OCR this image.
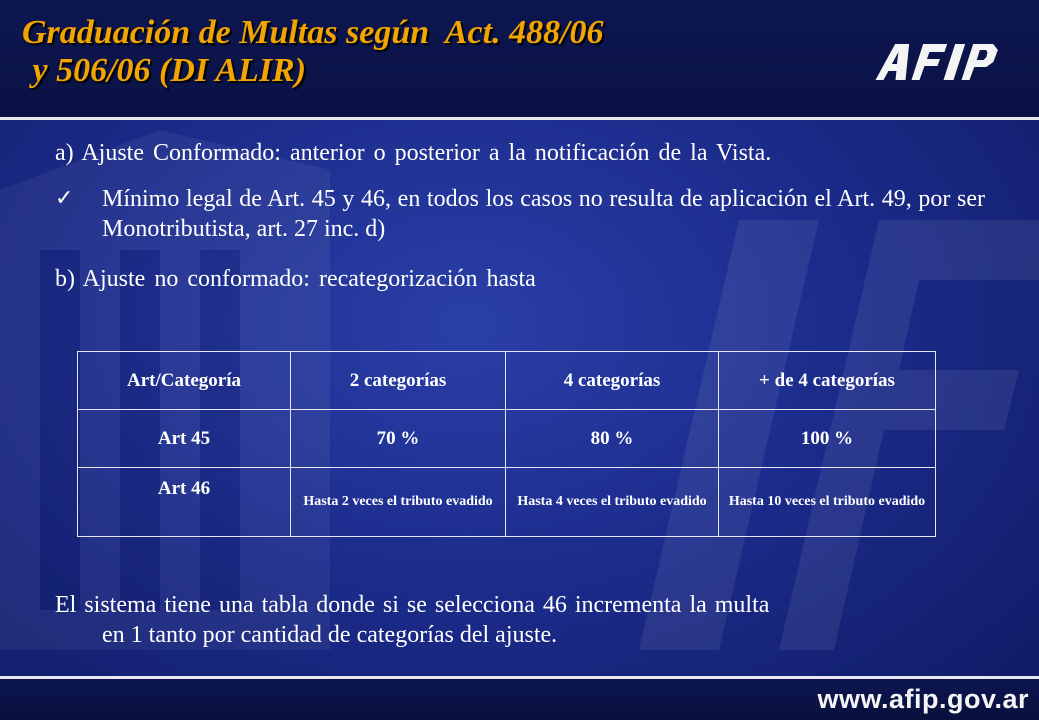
Graduación de Multas según  Act. 488/06
y 506/06 (DI ALIR)

a) Ajuste Conformado: anterior o posterior a la notificación de la Vista.

✓ Mínimo legal de Art. 45 y 46, en todos los casos no resulta de aplicación el Art. 49, por ser Monotributista, art. 27 inc. d)

b) Ajuste no conformado: recategorización hasta

Art/Categoría	2 categorías	4 categorías	+ de 4 categorías
Art 45	70 %	80 %	100 %
Art 46	Hasta 2 veces el tributo evadido	Hasta 4 veces el tributo evadido	Hasta 10 veces el tributo evadido

El sistema tiene una tabla donde si se selecciona 46 incrementa la multa
en 1 tanto por cantidad de categorías del ajuste.

www.afip.gov.ar
